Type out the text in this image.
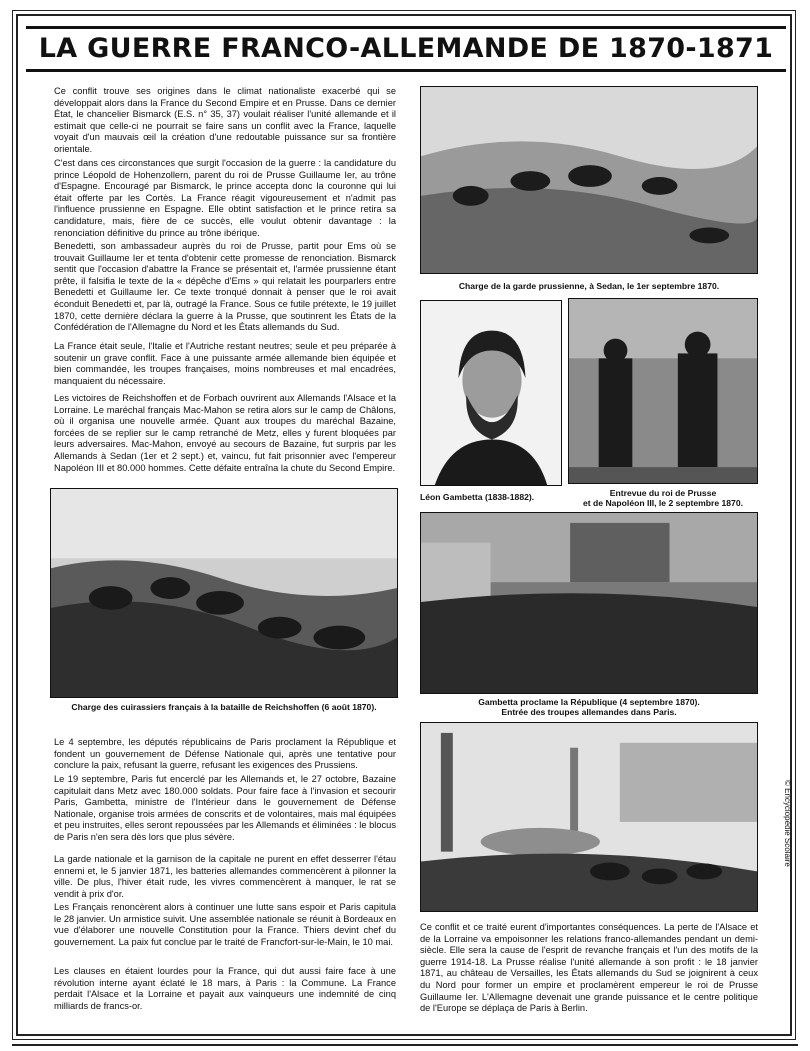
LA GUERRE FRANCO-ALLEMANDE DE 1870-1871

Ce conflit trouve ses origines dans le climat nationaliste exacerbé qui se développait alors dans la France du Second Empire et en Prusse. Dans ce dernier État, le chancelier Bismarck (E.S. n° 35, 37) voulait réaliser l'unité allemande et il estimait que celle-ci ne pourrait se faire sans un conflit avec la France, laquelle voyait d'un mauvais œil la création d'une redoutable puissance sur sa frontière orientale.

C'est dans ces circonstances que surgit l'occasion de la guerre : la candidature du prince Léopold de Hohenzollern, parent du roi de Prusse Guillaume Ier, au trône d'Espagne. Encouragé par Bismarck, le prince accepta donc la couronne qui lui était offerte par les Cortès. La France réagit vigoureusement et n'admit pas l'influence prussienne en Espagne. Elle obtint satisfaction et le prince retira sa candidature, mais, fière de ce succès, elle voulut obtenir davantage : la renonciation définitive du prince au trône ibérique.

Benedetti, son ambassadeur auprès du roi de Prusse, partit pour Ems où se trouvait Guillaume Ier et tenta d'obtenir cette promesse de renonciation. Bismarck sentit que l'occasion d'abattre la France se présentait et, l'armée prussienne étant prête, il falsifia le texte de la « dépêche d'Ems » qui relatait les pourparlers entre Benedetti et Guillaume Ier. Ce texte tronqué donnait à penser que le roi avait éconduit Benedetti et, par là, outragé la France. Sous ce futile prétexte, le 19 juillet 1870, cette dernière déclara la guerre à la Prusse, que soutinrent les États de la Confédération de l'Allemagne du Nord et les États allemands du Sud.

La France était seule, l'Italie et l'Autriche restant neutres; seule et peu préparée à soutenir un grave conflit. Face à une puissante armée allemande bien équipée et bien commandée, les troupes françaises, moins nombreuses et mal encadrées, manquaient du nécessaire.

Les victoires de Reichshoffen et de Forbach ouvrirent aux Allemands l'Alsace et la Lorraine. Le maréchal français Mac-Mahon se retira alors sur le camp de Châlons, où il organisa une nouvelle armée. Quant aux troupes du maréchal Bazaine, forcées de se replier sur le camp retranché de Metz, elles y furent bloquées par leurs adversaires. Mac-Mahon, envoyé au secours de Bazaine, fut surpris par les Allemands à Sedan (1er et 2 sept.) et, vaincu, fut fait prisonnier avec l'empereur Napoléon III et 80.000 hommes. Cette défaite entraîna la chute du Second Empire.

Charge des cuirassiers français à la bataille de Reichshoffen (6 août 1870).

Le 4 septembre, les députés républicains de Paris proclament la République et fondent un gouvernement de Défense Nationale qui, après une tentative pour conclure la paix, refusant la guerre, refusant les exigences des Prussiens.

Le 19 septembre, Paris fut encerclé par les Allemands et, le 27 octobre, Bazaine capitulait dans Metz avec 180.000 soldats. Pour faire face à l'invasion et secourir Paris, Gambetta, ministre de l'Intérieur dans le gouvernement de Défense Nationale, organise trois armées de conscrits et de volontaires, mais mal équipées et peu instruites, elles seront repoussées par les Allemands et éliminées : le blocus de Paris n'en sera dès lors que plus sévère.

La garde nationale et la garnison de la capitale ne purent en effet desserrer l'étau ennemi et, le 5 janvier 1871, les batteries allemandes commencèrent à pilonner la ville. De plus, l'hiver était rude, les vivres commencèrent à manquer, le rat se vendit à prix d'or.

Les Français renoncèrent alors à continuer une lutte sans espoir et Paris capitula le 28 janvier. Un armistice suivit. Une assemblée nationale se réunit à Bordeaux en vue d'élaborer une nouvelle Constitution pour la France. Thiers devint chef du gouvernement. La paix fut conclue par le traité de Francfort-sur-le-Main, le 10 mai.

Les clauses en étaient lourdes pour la France, qui dut aussi faire face à une révolution interne ayant éclaté le 18 mars, à Paris : la Commune. La France perdait l'Alsace et la Lorraine et payait aux vainqueurs une indemnité de cinq milliards de francs-or.

Charge de la garde prussienne, à Sedan, le 1er septembre 1870.
Léon Gambetta (1838-1882).	Entrevue du roi de Prusse
et de Napoléon III, le 2 septembre 1870.
Gambetta proclame la République (4 septembre 1870).
Entrée des troupes allemandes dans Paris.

Ce conflit et ce traité eurent d'importantes conséquences. La perte de l'Alsace et de la Lorraine va empoisonner les relations franco-allemandes pendant un demi-siècle. Elle sera la cause de l'esprit de revanche français et l'un des motifs de la guerre 1914-18. La Prusse réalise l'unité allemande à son profit : le 18 janvier 1871, au château de Versailles, les États allemands du Sud se joignirent à ceux du Nord pour former un empire et proclamèrent empereur le roi de Prusse Guillaume Ier. L'Allemagne devenait une grande puissance et le centre politique de l'Europe se déplaça de Paris à Berlin.

© Encyclopédie Scolaire
